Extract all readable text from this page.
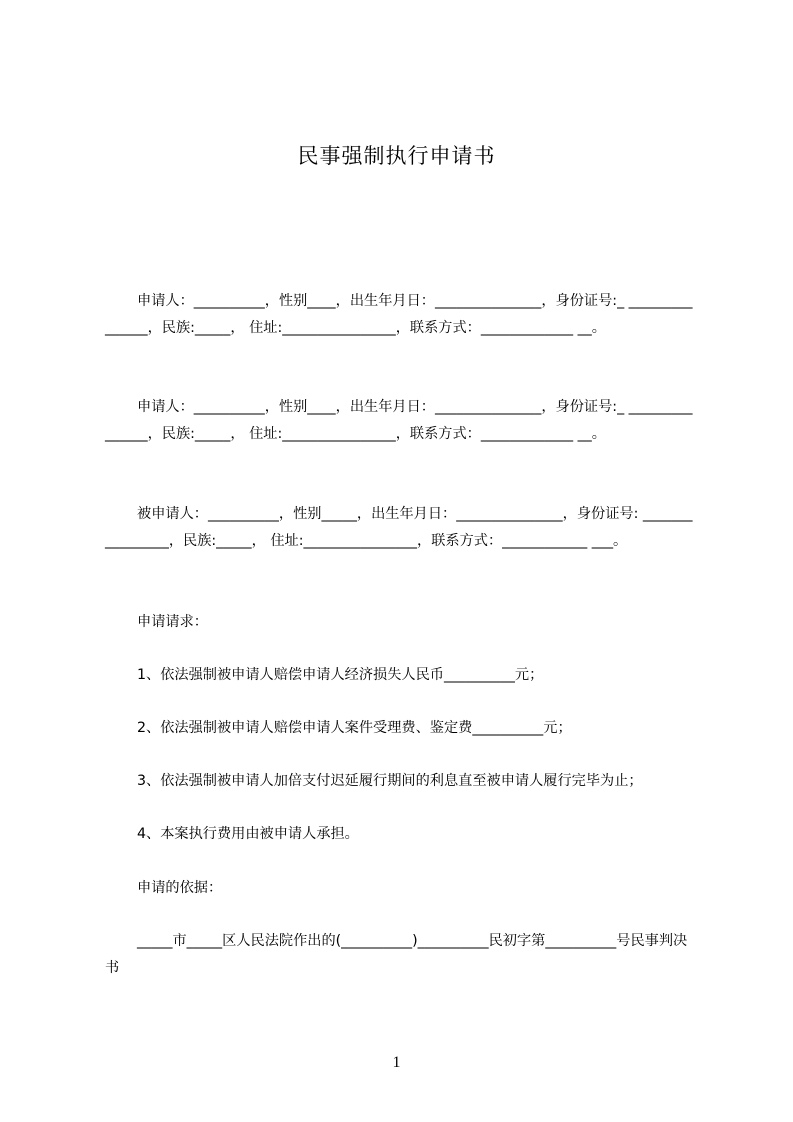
民事强制执行申请书
申请人：__________，性别____，出生年月日：_______________，身份证号:_ _______________，民族:_____， 住址:________________，联系方式：_____________ __。
申请人：__________，性别____，出生年月日：_______________，身份证号:_ _______________，民族:_____， 住址:________________，联系方式：_____________ __。
被申请人：__________，性别_____，出生年月日：_______________，身份证号: ________________，民族:_____， 住址:________________，联系方式：____________ ___。
申请请求：
1、依法强制被申请人赔偿申请人经济损失人民币__________元；
2、依法强制被申请人赔偿申请人案件受理费、鉴定费__________元；
3、依法强制被申请人加倍支付迟延履行期间的利息直至被申请人履行完毕为止；
4、本案执行费用由被申请人承担。
申请的依据：
_____市_____区人民法院作出的(__________)__________民初字第__________号民事判决书
1
